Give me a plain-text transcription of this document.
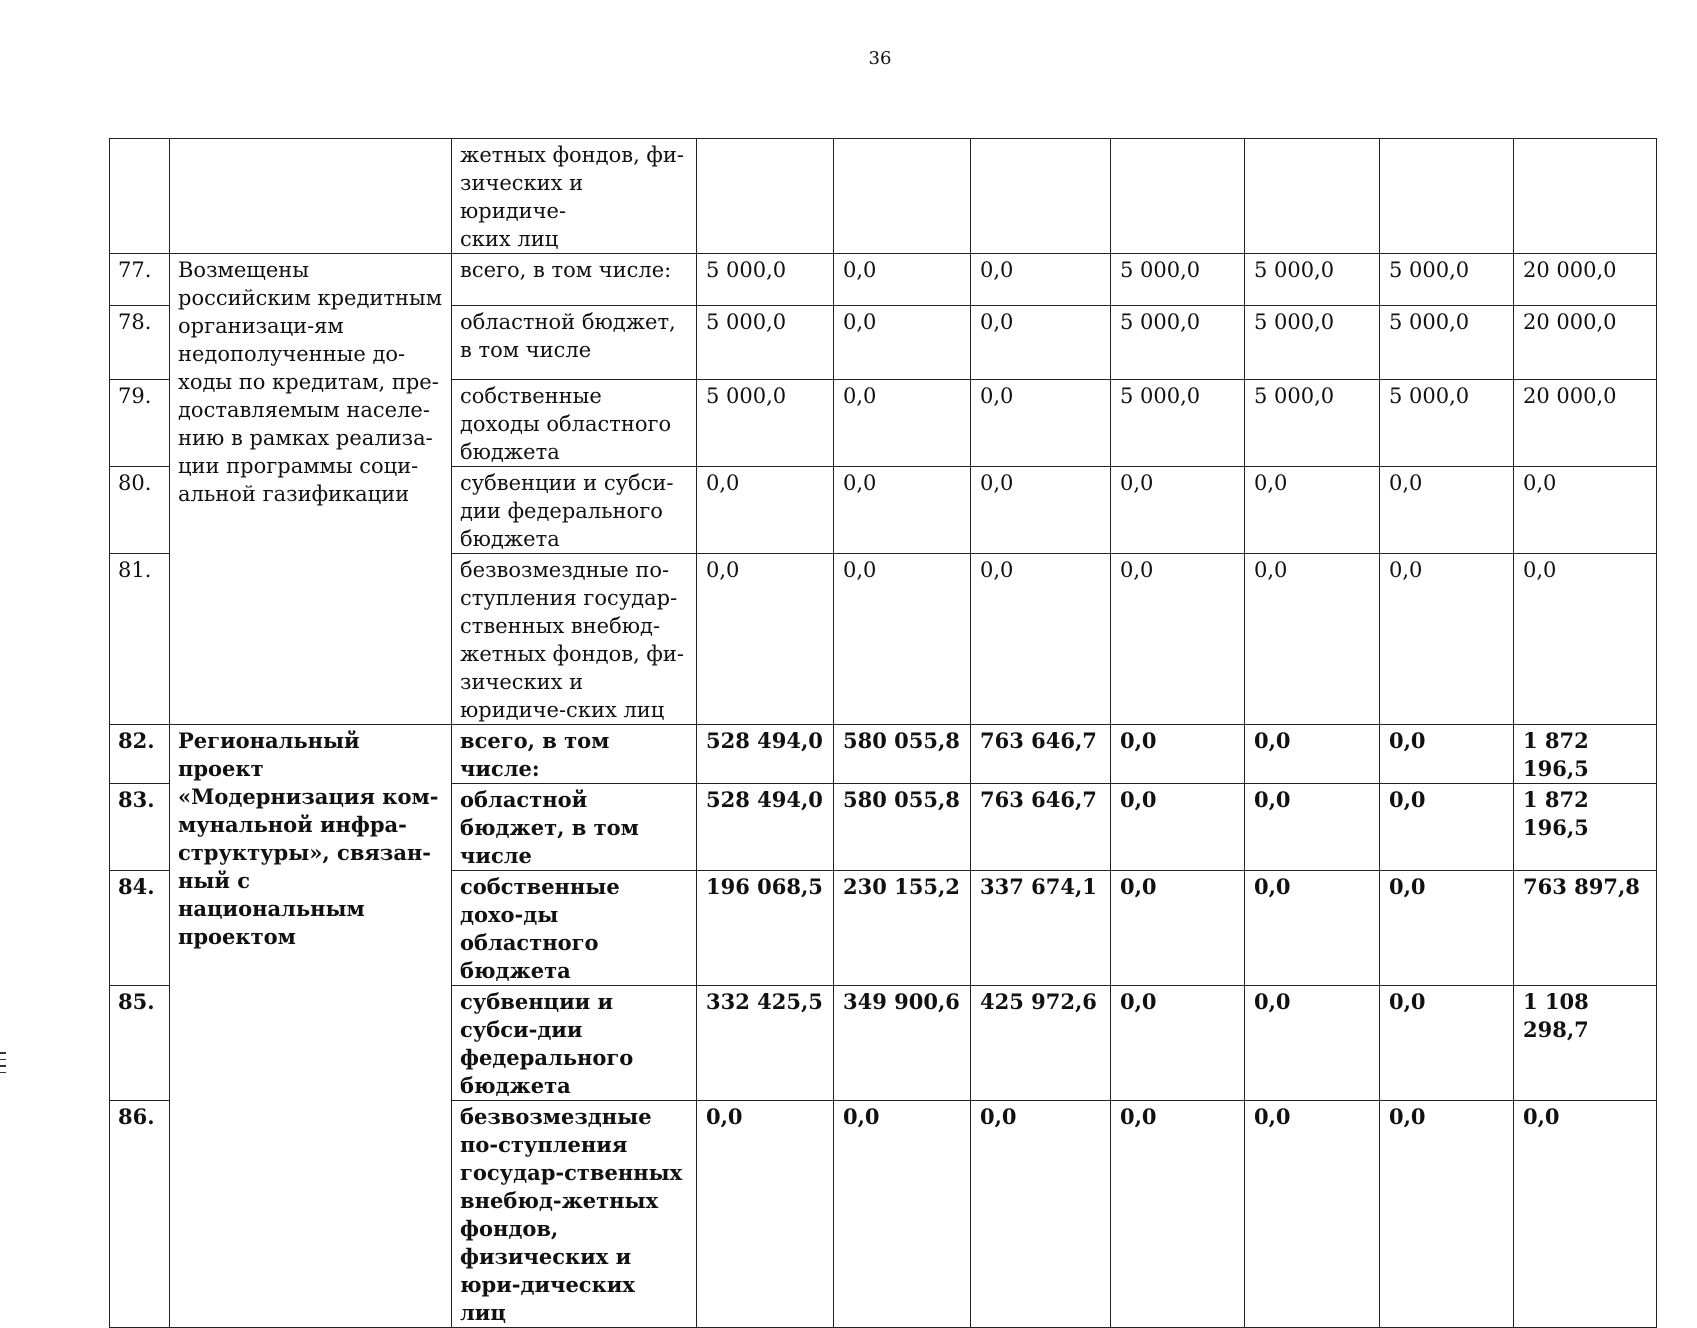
36
		жетных фондов, фи-
зических и юридиче-
ских лиц							
77.	Возмещены российским кредитным организаци-ям недополученные до-ходы по кредитам, пре-доставляемым населе-нию в рамках реализа-ции программы соци-альной газификации	всего, в том числе:	5 000,0	0,0	0,0	5 000,0	5 000,0	5 000,0	20 000,0
78.		областной бюджет, в том числе	5 000,0	0,0	0,0	5 000,0	5 000,0	5 000,0	20 000,0
79.		собственные доходы областного бюджета	5 000,0	0,0	0,0	5 000,0	5 000,0	5 000,0	20 000,0
80.		субвенции и субси-дии федерального бюджета	0,0	0,0	0,0	0,0	0,0	0,0	0,0
81.		безвозмездные по-ступления государ-ственных внебюд-жетных фондов, фи-зических и юридиче-ских лиц	0,0	0,0	0,0	0,0	0,0	0,0	0,0
82.	Региональный проект «Модернизация ком-мунальной инфра-структуры», связан-ный с национальным проектом	всего, в том числе:	528 494,0	580 055,8	763 646,7	0,0	0,0	0,0	1 872 196,5
83.		областной бюджет, в том числе	528 494,0	580 055,8	763 646,7	0,0	0,0	0,0	1 872 196,5
84.		собственные дохо-ды областного бюджета	196 068,5	230 155,2	337 674,1	0,0	0,0	0,0	763 897,8
85.		субвенции и субси-дии федерального бюджета	332 425,5	349 900,6	425 972,6	0,0	0,0	0,0	1 108 298,7
86.		безвозмездные по-ступления государ-ственных внебюд-жетных фондов, физических и юри-дических лиц	0,0	0,0	0,0	0,0	0,0	0,0	0,0
